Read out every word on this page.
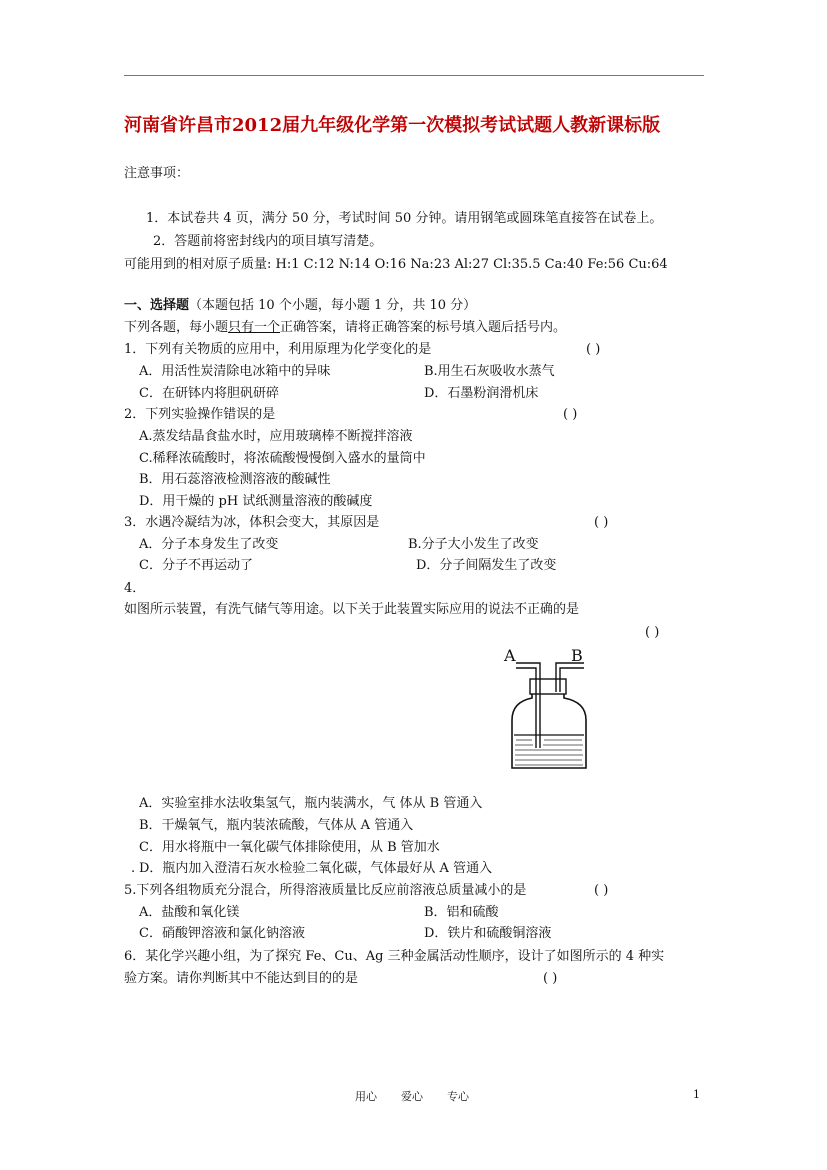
河南省许昌市2012届九年级化学第一次模拟考试试题人教新课标版
注意事项：
1．本试卷共 4 页，满分 50 分，考试时间 50 分钟。请用钢笔或圆珠笔直接答在试卷上。
2．答题前将密封线内的项目填写清楚。
可能用到的相对原子质量: H:1 C:12 N:14 O:16 Na:23 Al:27 Cl:35.5 Ca:40 Fe:56 Cu:64
一、选择题（本题包括 10 个小题，每小题 1 分，共 10 分）
下列各题，每小题只有一个正确答案，请将正确答案的标号填入题后括号内。
1．下列有关物质的应用中，利用原理为化学变化的是	( )
A．用活性炭清除电冰箱中的异味	B.用生石灰吸收水蒸气
C．在研钵内将胆矾研碎	D．石墨粉润滑机床
2．下列实验操作错误的是	( )
A.蒸发结晶食盐水时，应用玻璃棒不断搅拌溶液
C.稀释浓硫酸时，将浓硫酸慢慢倒入盛水的量筒中
B．用石蕊溶液检测溶液的酸碱性
D．用干燥的 pH 试纸测量溶液的酸碱度
3．水遇冷凝结为冰，体积会变大，其原因是	( )
A．分子本身发生了改变	B.分子大小发生了改变
C．分子不再运动了	D．分子间隔发生了改变
4．
如图所示装置，有洗气储气等用途。以下关于此装置实际应用的说法不正确的是
( )
A	B
A．实验室排水法收集氢气，瓶内装满水，气 体从 B 管通入
B．干燥氧气，瓶内装浓硫酸，气体从 A 管通入
C．用水将瓶中一氧化碳气体排除使用，从 B 管加水
. D．瓶内加入澄清石灰水检验二氧化碳，气体最好从 A 管通入
5.下列各组物质充分混合，所得溶液质量比反应前溶液总质量减小的是	( )
A．盐酸和氧化镁	B．铝和硫酸
C．硝酸钾溶液和氯化钠溶液	D．铁片和硫酸铜溶液
6．某化学兴趣小组，为了探究 Fe、Cu、Ag 三种金属活动性顺序，设计了如图所示的 4 种实
验方案。请你判断其中不能达到目的的是	( )
用心 爱心 专心	1
